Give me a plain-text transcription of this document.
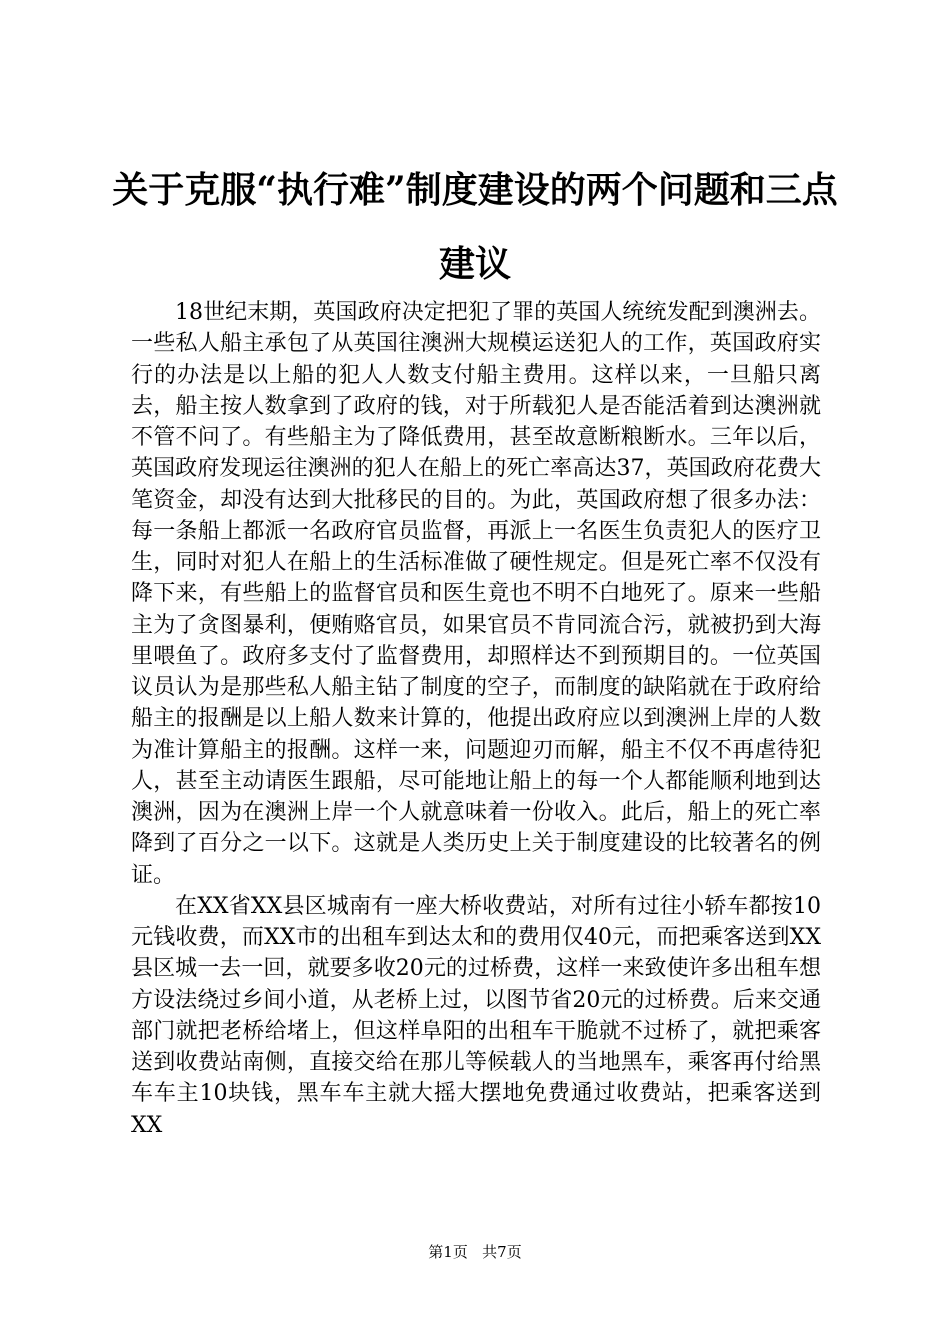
关于克服“执行难”制度建设的两个问题和三点建议

18世纪末期，英国政府决定把犯了罪的英国人统统发配到澳洲去。一些私人船主承包了从英国往澳洲大规模运送犯人的工作，英国政府实行的办法是以上船的犯人人数支付船主费用。这样以来，一旦船只离去，船主按人数拿到了政府的钱，对于所载犯人是否能活着到达澳洲就不管不问了。有些船主为了降低费用，甚至故意断粮断水。三年以后，英国政府发现运往澳洲的犯人在船上的死亡率高达37，英国政府花费大笔资金，却没有达到大批移民的目的。为此，英国政府想了很多办法：每一条船上都派一名政府官员监督，再派上一名医生负责犯人的医疗卫生，同时对犯人在船上的生活标准做了硬性规定。但是死亡率不仅没有降下来，有些船上的监督官员和医生竟也不明不白地死了。原来一些船主为了贪图暴利，便贿赂官员，如果官员不肯同流合污，就被扔到大海里喂鱼了。政府多支付了监督费用，却照样达不到预期目的。一位英国议员认为是那些私人船主钻了制度的空子，而制度的缺陷就在于政府给船主的报酬是以上船人数来计算的，他提出政府应以到澳洲上岸的人数为准计算船主的报酬。这样一来，问题迎刃而解，船主不仅不再虐待犯人，甚至主动请医生跟船，尽可能地让船上的每一个人都能顺利地到达澳洲，因为在澳洲上岸一个人就意味着一份收入。此后，船上的死亡率降到了百分之一以下。这就是人类历史上关于制度建设的比较著名的例证。

在XX省XX县区城南有一座大桥收费站，对所有过往小轿车都按10元钱收费，而XX市的出租车到达太和的费用仅40元，而把乘客送到XX县区城一去一回，就要多收20元的过桥费，这样一来致使许多出租车想方设法绕过乡间小道，从老桥上过，以图节省20元的过桥费。后来交通部门就把老桥给堵上，但这样阜阳的出租车干脆就不过桥了，就把乘客送到收费站南侧，直接交给在那儿等候载人的当地黑车，乘客再付给黑车车主10块钱，黑车车主就大摇大摆地免费通过收费站，把乘客送到XX

第1页 共7页
